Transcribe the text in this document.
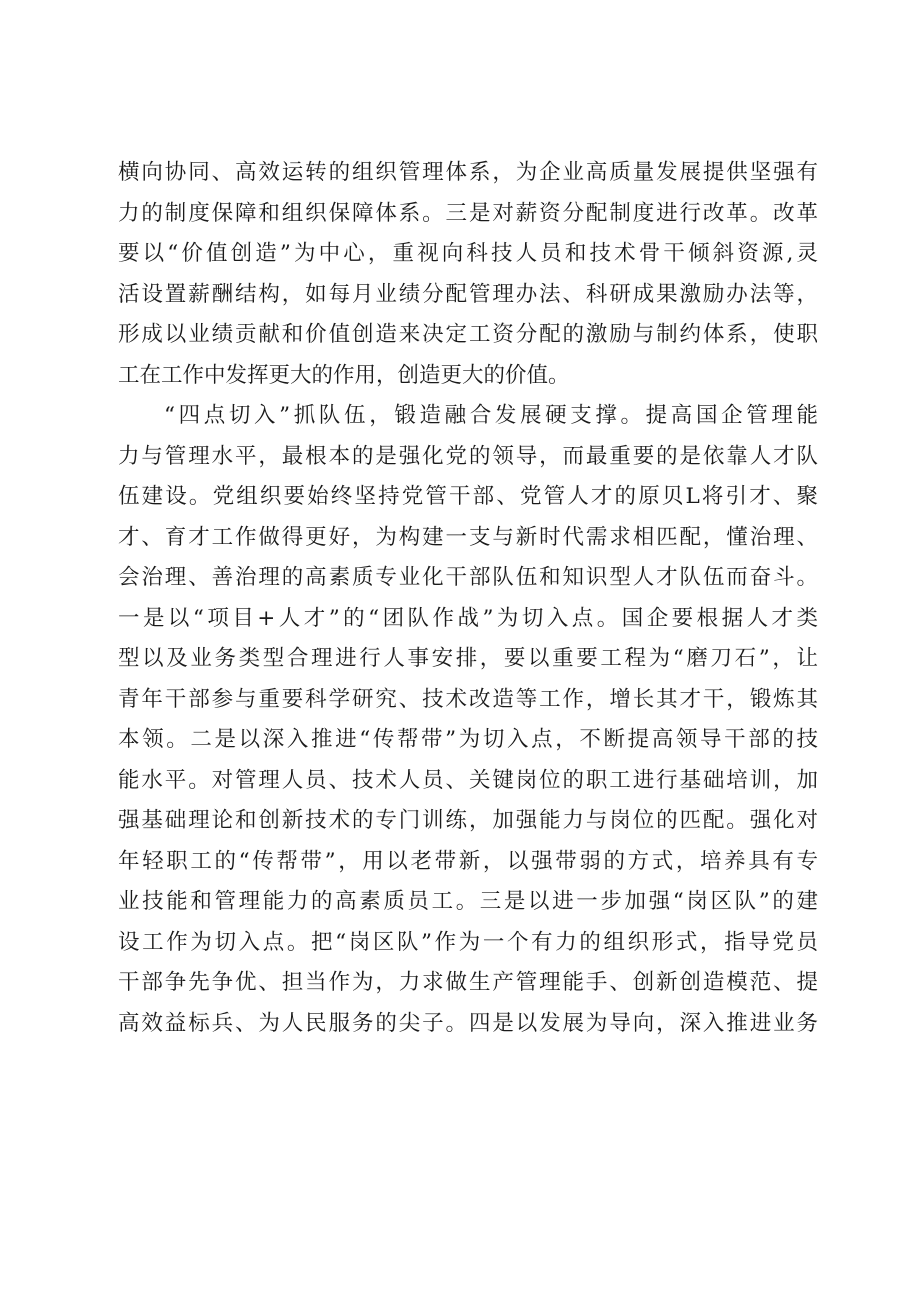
横向协同、高效运转的组织管理体系，为企业高质量发展提供坚强有
力的制度保障和组织保障体系。三是对薪资分配制度进行改革。改革
要以“价值创造”为中心，重视向科技人员和技术骨干倾斜资源,灵
活设置薪酬结构，如每月业绩分配管理办法、科研成果激励办法等，
形成以业绩贡献和价值创造来决定工资分配的激励与制约体系，使职
工在工作中发挥更大的作用，创造更大的价值。
“四点切入”抓队伍，锻造融合发展硬支撑。提高国企管理能
力与管理水平，最根本的是强化党的领导，而最重要的是依靠人才队
伍建设。党组织要始终坚持党管干部、党管人才的原贝L将引才、聚
才、育才工作做得更好，为构建一支与新时代需求相匹配，懂治理、
会治理、善治理的高素质专业化干部队伍和知识型人才队伍而奋斗。
一是以“项目+人才”的“团队作战”为切入点。国企要根据人才类
型以及业务类型合理进行人事安排，要以重要工程为“磨刀石”，让
青年干部参与重要科学研究、技术改造等工作，增长其才干，锻炼其
本领。二是以深入推进“传帮带”为切入点，不断提高领导干部的技
能水平。对管理人员、技术人员、关键岗位的职工进行基础培训，加
强基础理论和创新技术的专门训练，加强能力与岗位的匹配。强化对
年轻职工的“传帮带”，用以老带新，以强带弱的方式，培养具有专
业技能和管理能力的高素质员工。三是以进一步加强“岗区队”的建
设工作为切入点。把“岗区队”作为一个有力的组织形式，指导党员
干部争先争优、担当作为，力求做生产管理能手、创新创造模范、提
高效益标兵、为人民服务的尖子。四是以发展为导向，深入推进业务
